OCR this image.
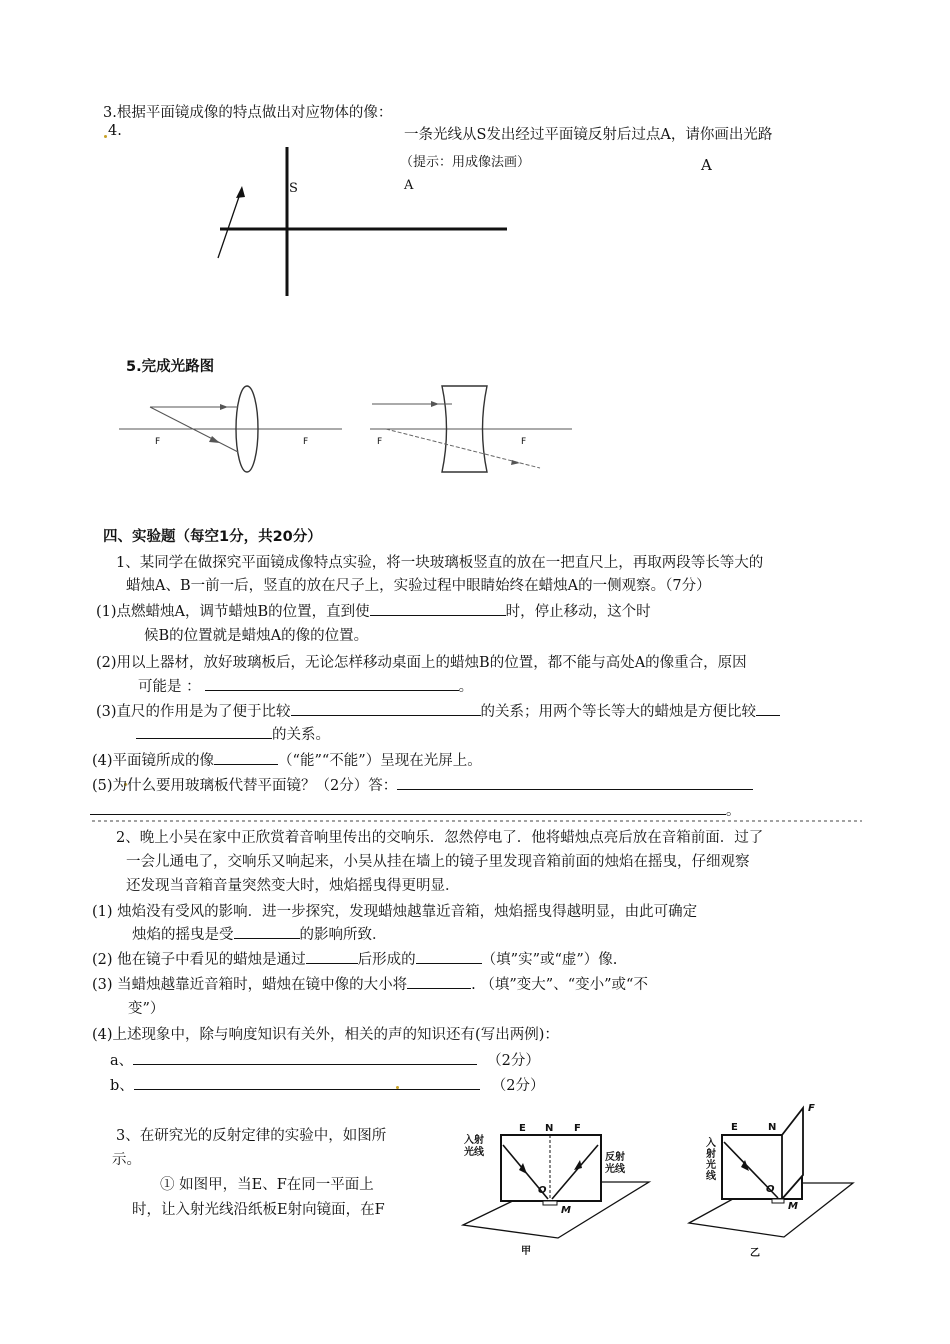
3.根据平面镜成像的特点做出对应物体的像：
4.	一条光线从S发出经过平面镜反射后过点A，请你画出光路
（提示：用成像法画）	A
A
S
5.完成光路图
F	F	F	F
四、实验题（每空1分，共20分）
1、某同学在做探究平面镜成像特点实验，将一块玻璃板竖直的放在一把直尺上，再取两段等长等大的
蜡烛A、B一前一后，竖直的放在尺子上，实验过程中眼睛始终在蜡烛A的一侧观察。（7分）
(1)点燃蜡烛A，调节蜡烛B的位置，直到使	时，停止移动，这个时
候B的位置就是蜡烛A的像的位置。
(2)用以上器材，放好玻璃板后，无论怎样移动桌面上的蜡烛B的位置，都不能与高处A的像重合，原因
可能是 ：	。
(3)直尺的作用是为了便于比较	的关系；用两个等长等大的蜡烛是方便比较
的关系。
(4)平面镜所成的像	（“能”“不能”）呈现在光屏上。
(5)为什么要用玻璃板代替平面镜？（2分）答：
。
2、晚上小吴在家中正欣赏着音响里传出的交响乐．忽然停电了．他将蜡烛点亮后放在音箱前面．过了
一会儿通电了，交响乐又响起来，小吴从挂在墙上的镜子里发现音箱前面的烛焰在摇曳，仔细观察
还发现当音箱音量突然变大时，烛焰摇曳得更明显．
(1) 烛焰没有受风的影响．进一步探究，发现蜡烛越靠近音箱，烛焰摇曳得越明显，由此可确定
烛焰的摇曳是受	的影响所致．
(2) 他在镜子中看见的蜡烛是通过	后形成的	（填”实”或“虚”）像.
(3) 当蜡烛越靠近音箱时，蜡烛在镜中像的大小将	. （填”变大”、“变小”或“不
变”）
(4)上述现象中，除与响度知识有关外，相关的声的知识还有(写出两例)：
a、	（2分）
b、	（2分）
3、在研究光的反射定律的实验中，如图所
示。
① 如图甲，当E、F在同一平面上
时，让入射光线沿纸板E射向镜面，在F
E N F
O
M
入射
光线	反射
光线
甲
E	N
F
O
M
入
射
光
线
乙
